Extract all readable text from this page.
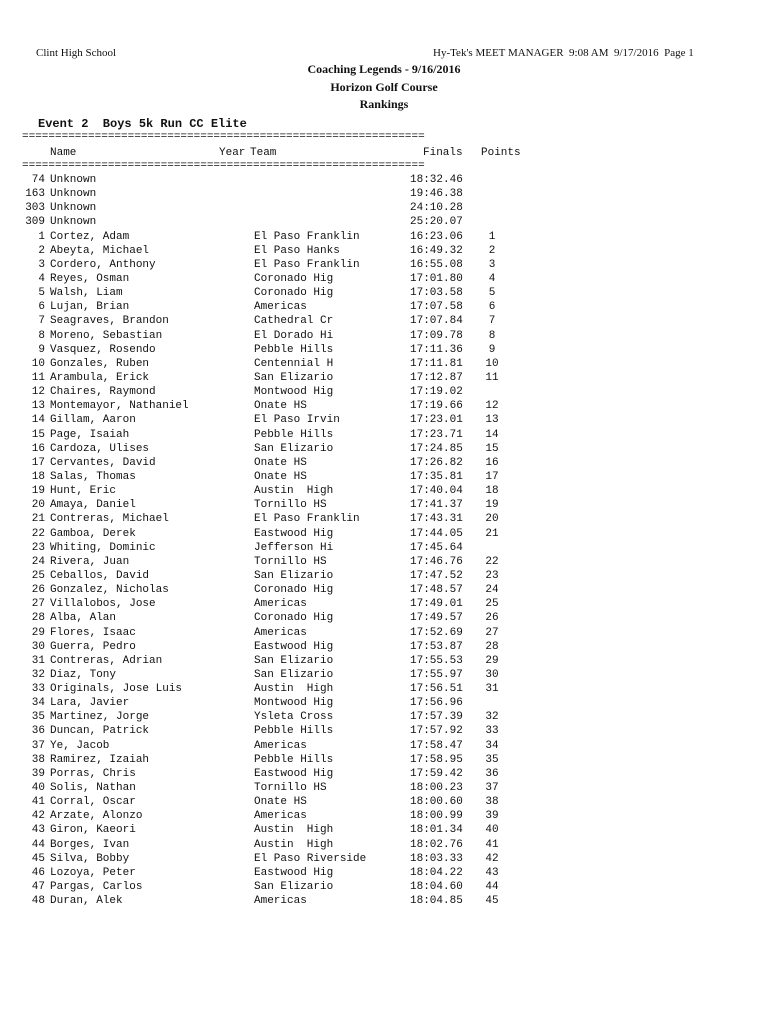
Clint High School	Hy-Tek's MEET MANAGER  9:08 AM  9/17/2016  Page 1
Coaching Legends - 9/16/2016
Horizon Golf Course
Rankings
Event 2  Boys 5k Run CC Elite
=============================================================
Name	Year Team	Finals Points
=============================================================
74 Unknown	18:32.46
163 Unknown	19:46.38
303 Unknown	24:10.28
309 Unknown	25:20.07
1 Cortez, Adam	El Paso Franklin	16:23.06	1
2 Abeyta, Michael	El Paso Hanks	16:49.32	2
3 Cordero, Anthony	El Paso Franklin	16:55.08	3
4 Reyes, Osman	Coronado Hig	17:01.80	4
5 Walsh, Liam	Coronado Hig	17:03.58	5
6 Lujan, Brian	Americas	17:07.58	6
7 Seagraves, Brandon	Cathedral Cr	17:07.84	7
8 Moreno, Sebastian	El Dorado Hi	17:09.78	8
9 Vasquez, Rosendo	Pebble Hills	17:11.36	9
10 Gonzales, Ruben	Centennial H	17:11.81	10
11 Arambula, Erick	San Elizario	17:12.87	11
12 Chaires, Raymond	Montwood Hig	17:19.02
13 Montemayor, Nathaniel	Onate HS	17:19.66	12
14 Gillam, Aaron	El Paso Irvin	17:23.01	13
15 Page, Isaiah	Pebble Hills	17:23.71	14
16 Cardoza, Ulises	San Elizario	17:24.85	15
17 Cervantes, David	Onate HS	17:26.82	16
18 Salas, Thomas	Onate HS	17:35.81	17
19 Hunt, Eric	Austin  High	17:40.04	18
20 Amaya, Daniel	Tornillo HS	17:41.37	19
21 Contreras, Michael	El Paso Franklin	17:43.31	20
22 Gamboa, Derek	Eastwood Hig	17:44.05	21
23 Whiting, Dominic	Jefferson Hi	17:45.64
24 Rivera, Juan	Tornillo HS	17:46.76	22
25 Ceballos, David	San Elizario	17:47.52	23
26 Gonzalez, Nicholas	Coronado Hig	17:48.57	24
27 Villalobos, Jose	Americas	17:49.01	25
28 Alba, Alan	Coronado Hig	17:49.57	26
29 Flores, Isaac	Americas	17:52.69	27
30 Guerra, Pedro	Eastwood Hig	17:53.87	28
31 Contreras, Adrian	San Elizario	17:55.53	29
32 Diaz, Tony	San Elizario	17:55.97	30
33 Originals, Jose Luis	Austin  High	17:56.51	31
34 Lara, Javier	Montwood Hig	17:56.96
35 Martinez, Jorge	Ysleta Cross	17:57.39	32
36 Duncan, Patrick	Pebble Hills	17:57.92	33
37 Ye, Jacob	Americas	17:58.47	34
38 Ramirez, Izaiah	Pebble Hills	17:58.95	35
39 Porras, Chris	Eastwood Hig	17:59.42	36
40 Solis, Nathan	Tornillo HS	18:00.23	37
41 Corral, Oscar	Onate HS	18:00.60	38
42 Arzate, Alonzo	Americas	18:00.99	39
43 Giron, Kaeori	Austin  High	18:01.34	40
44 Borges, Ivan	Austin  High	18:02.76	41
45 Silva, Bobby	El Paso Riverside	18:03.33	42
46 Lozoya, Peter	Eastwood Hig	18:04.22	43
47 Pargas, Carlos	San Elizario	18:04.60	44
48 Duran, Alek	Americas	18:04.85	45
